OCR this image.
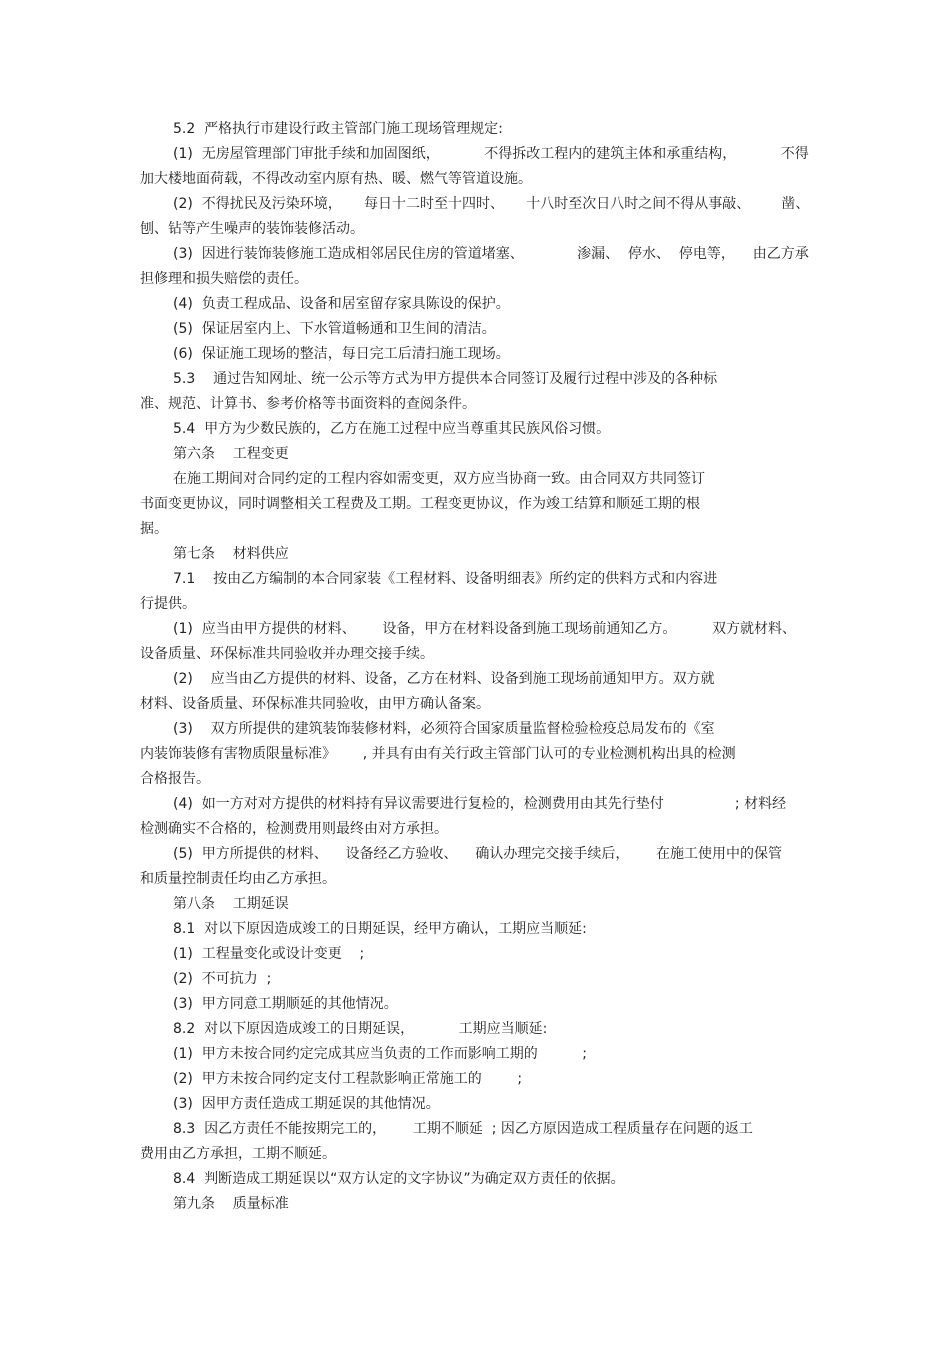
5.2  严格执行市建设行政主管部门施工现场管理规定:

(1)  无房屋管理部门审批手续和加固图纸，          不得拆改工程内的建筑主体和承重结构，          不得

加大楼地面荷载，不得改动室内原有热、暖、燃气等管道设施。

(2)  不得扰民及污染环境，     每日十二时至十四时、     十八时至次日八时之间不得从事敲、       凿、

刨、钻等产生噪声的装饰装修活动。

(3)  因进行装饰装修施工造成相邻居民住房的管道堵塞、            渗漏、  停水、  停电等，    由乙方承

担修理和损失赔偿的责任。

(4)  负责工程成品、设备和居室留存家具陈设的保护。

(5)  保证居室内上、下水管道畅通和卫生间的清洁。

(6)  保证施工现场的整洁，每日完工后清扫施工现场。

5.3    通过告知网址、统一公示等方式为甲方提供本合同签订及履行过程中涉及的各种标

准、规范、计算书、参考价格等书面资料的查阅条件。

5.4  甲方为少数民族的，乙方在施工过程中应当尊重其民族风俗习惯。

第六条    工程变更

在施工期间对合同约定的工程内容如需变更，双方应当协商一致。由合同双方共同签订

书面变更协议，同时调整相关工程费及工期。工程变更协议，作为竣工结算和顺延工期的根

据。

第七条    材料供应

7.1    按由乙方编制的本合同家装《工程材料、设备明细表》所约定的供料方式和内容进

行提供。

(1)  应当由甲方提供的材料、      设备，甲方在材料设备到施工现场前通知乙方。        双方就材料、

设备质量、环保标准共同验收并办理交接手续。

(2)    应当由乙方提供的材料、设备，乙方在材料、设备到施工现场前通知甲方。双方就

材料、设备质量、环保标准共同验收，由甲方确认备案。

(3)    双方所提供的建筑装饰装修材料，必须符合国家质量监督检验检疫总局发布的《室

内装饰装修有害物质限量标准》      , 并具有由有关行政主管部门认可的专业检测机构出具的检测

合格报告。

(4)  如一方对对方提供的材料持有异议需要进行复检的，检测费用由其先行垫付                ; 材料经

检测确实不合格的，检测费用则最终由对方承担。

(5)  甲方所提供的材料、    设备经乙方验收、    确认办理完交接手续后，      在施工使用中的保管

和质量控制责任均由乙方承担。

第八条    工期延误

8.1  对以下原因造成竣工的日期延误，经甲方确认，工期应当顺延:

(1)  工程量变化或设计变更    ;

(2)  不可抗力  ;

(3)  甲方同意工期顺延的其他情况。

8.2  对以下原因造成竣工的日期延误，          工期应当顺延:

(1)  甲方未按合同约定完成其应当负责的工作而影响工期的          ;

(2)  甲方未按合同约定支付工程款影响正常施工的        ;

(3)  因甲方责任造成工期延误的其他情况。

8.3  因乙方责任不能按期完工的，      工期不顺延  ; 因乙方原因造成工程质量存在问题的返工

费用由乙方承担，工期不顺延。

8.4  判断造成工期延误以“双方认定的文字协议”为确定双方责任的依据。

第九条    质量标准
